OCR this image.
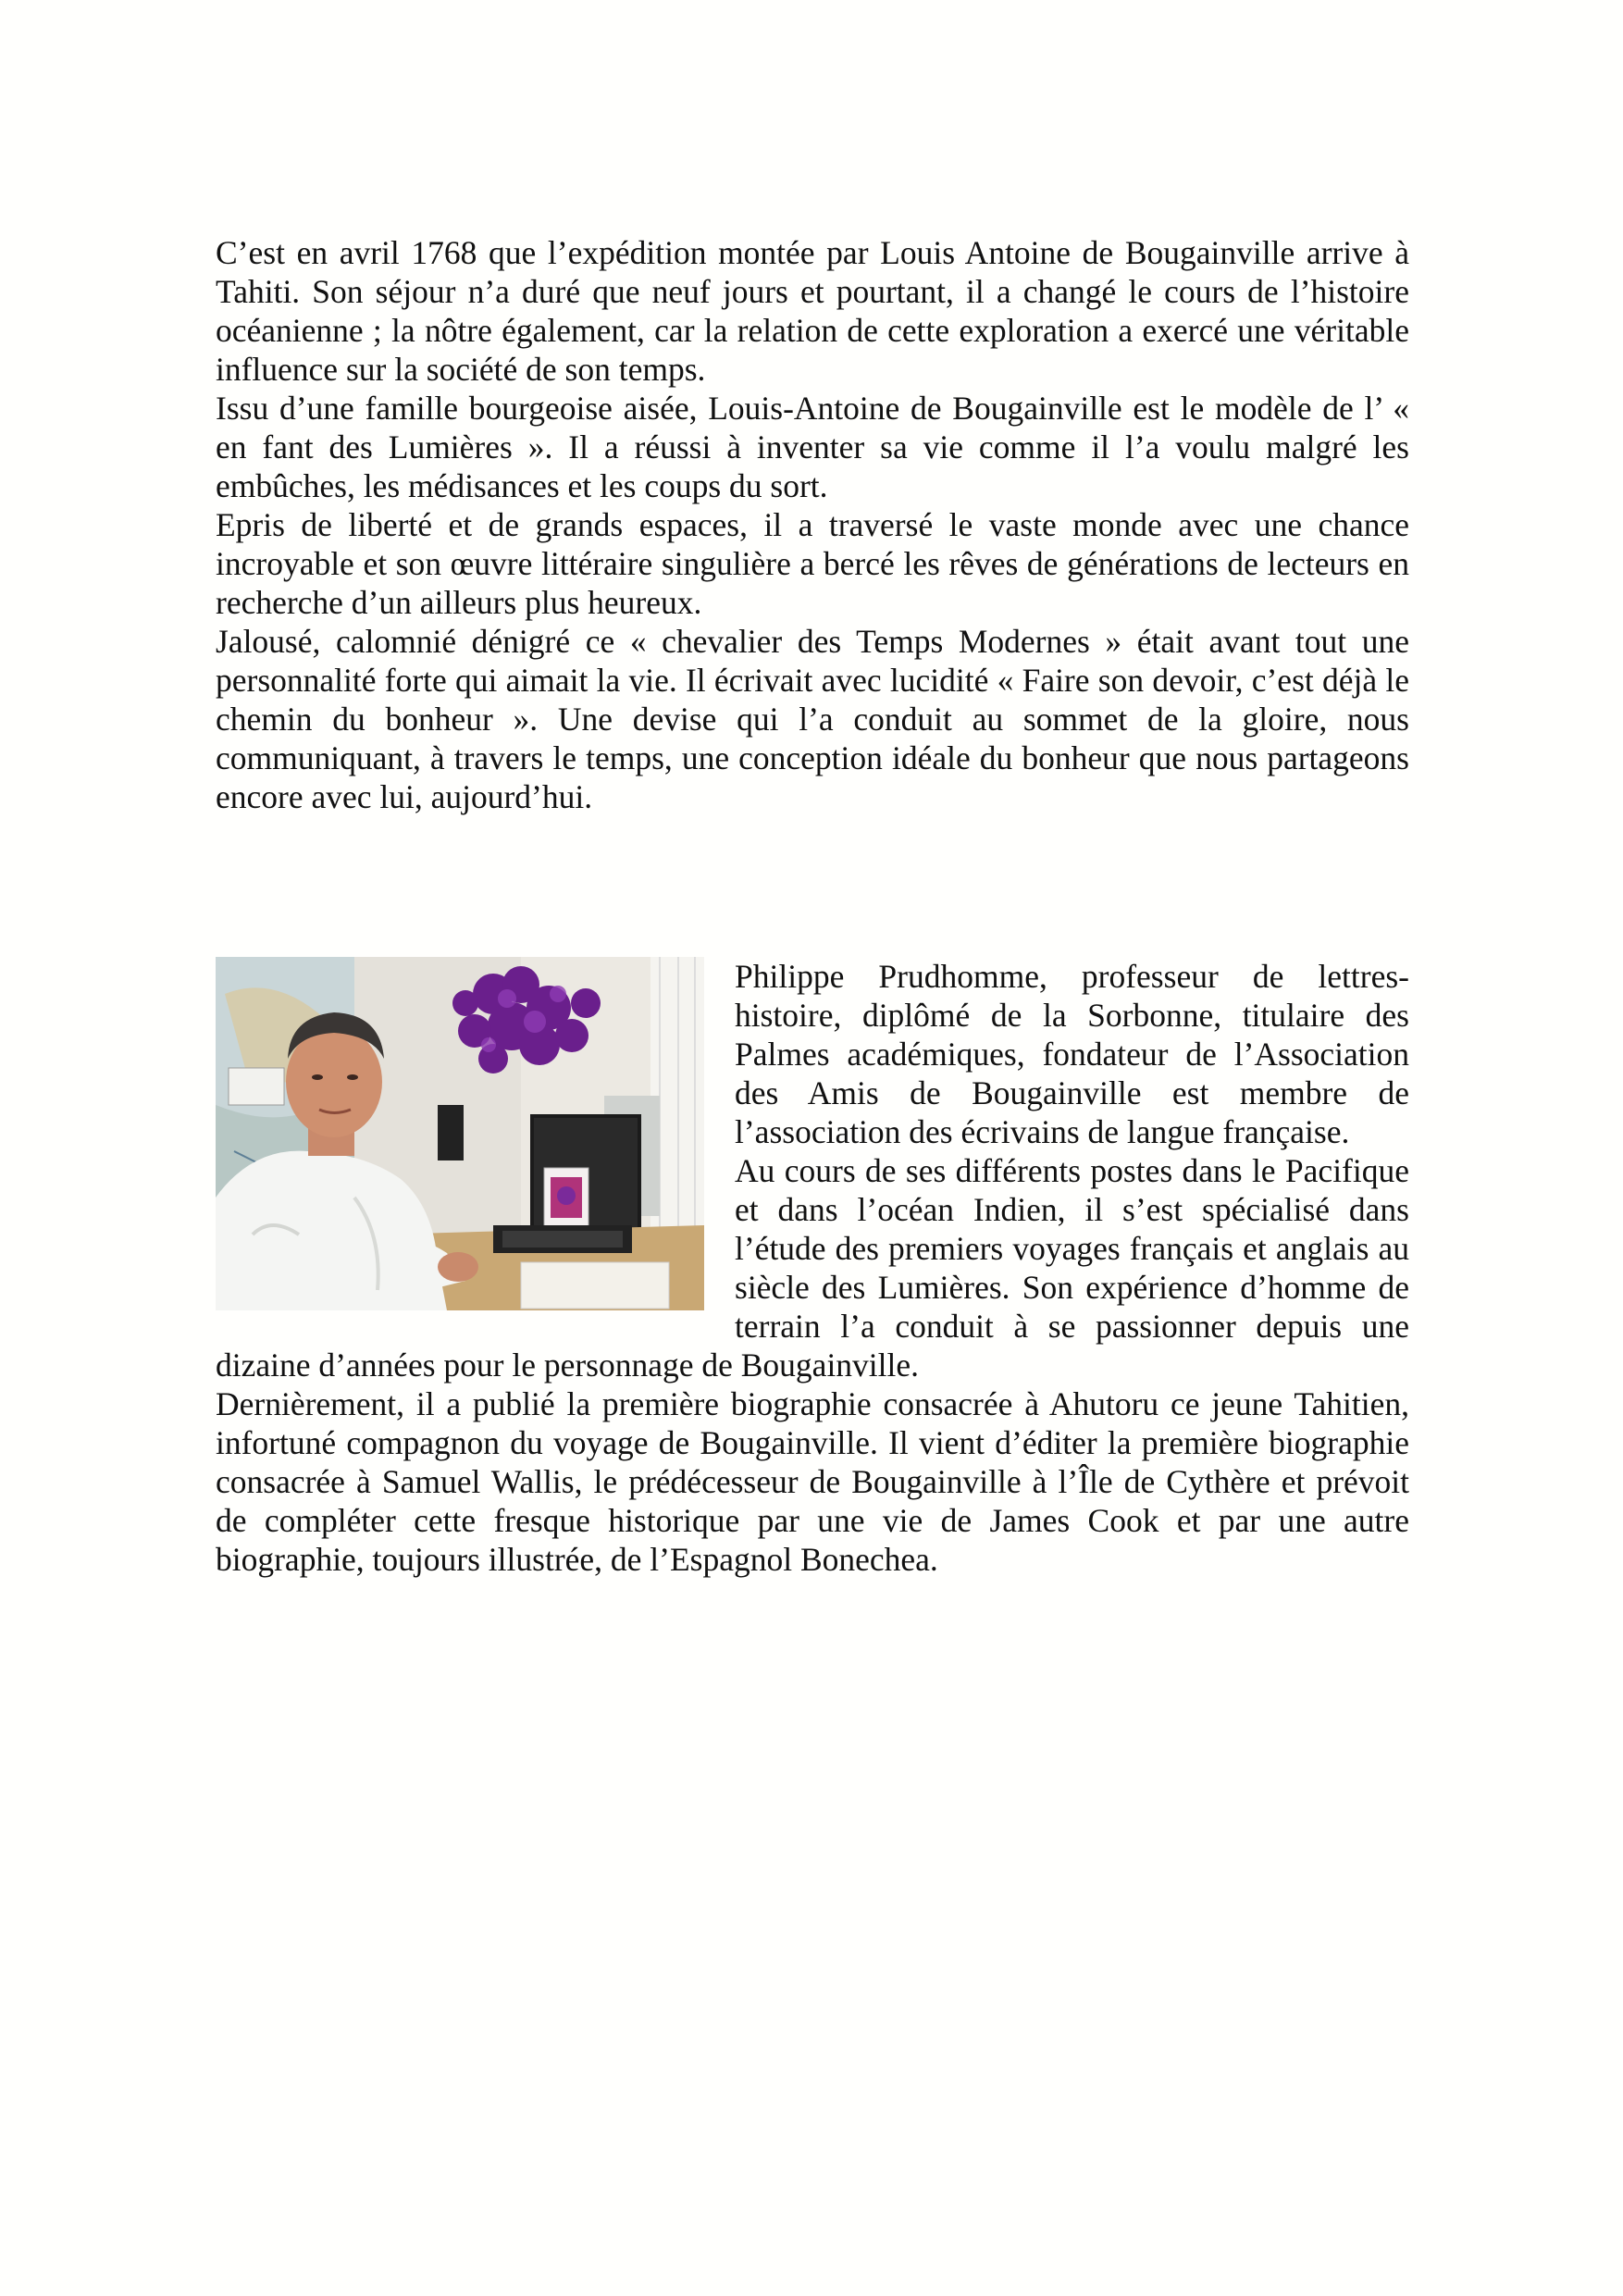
C’est en avril 1768 que l’expédition montée par Louis Antoine de Bougainville arrive à Tahiti. Son séjour n’a duré que neuf jours et pourtant, il a changé le cours de l’histoire océanienne ; la nôtre également, car la relation de cette exploration a exercé une véritable influence sur la société de son temps.

Issu d’une famille bourgeoise aisée, Louis-Antoine de Bougainville est le modèle de l’ « en fant des Lumières ». Il a réussi à inventer sa vie comme il l’a voulu malgré les embûches, les médisances et les coups du sort.

Epris de liberté et de grands espaces, il a traversé le vaste monde avec une chance incroyable et son œuvre littéraire singulière a bercé les rêves de générations de lecteurs en recherche d’un ailleurs plus heureux.

Jalousé, calomnié dénigré ce « chevalier des Temps Modernes » était avant tout une personnalité forte qui aimait la vie. Il écrivait avec lucidité « Faire son devoir, c’est déjà le chemin du bonheur ». Une devise qui l’a conduit au sommet de la gloire, nous communiquant, à travers le temps, une conception idéale du bonheur que nous partageons encore avec lui, aujourd’hui.

Philippe Prudhomme, professeur de lettres-histoire, diplômé de la Sorbonne, titulaire des Palmes académiques, fondateur de l’Association des Amis de Bougainville est membre de l’association des écrivains de langue française.

Au cours de ses différents postes dans le Pacifique et dans l’océan Indien, il s’est spécialisé dans l’étude des premiers voyages français et anglais au siècle des Lumières. Son expérience d’homme de terrain l’a conduit à se passionner depuis une dizaine d’années pour le personnage de Bougainville.

Dernièrement, il a publié la première biographie consacrée à Ahutoru ce jeune Tahitien, infortuné compagnon du voyage de Bougainville. Il vient d’éditer la première biographie consacrée à Samuel Wallis, le prédécesseur de Bougainville à l’Île de Cythère et prévoit de compléter cette fresque historique par une vie de James Cook et par une autre biographie, toujours illustrée, de l’Espagnol Bonechea.
